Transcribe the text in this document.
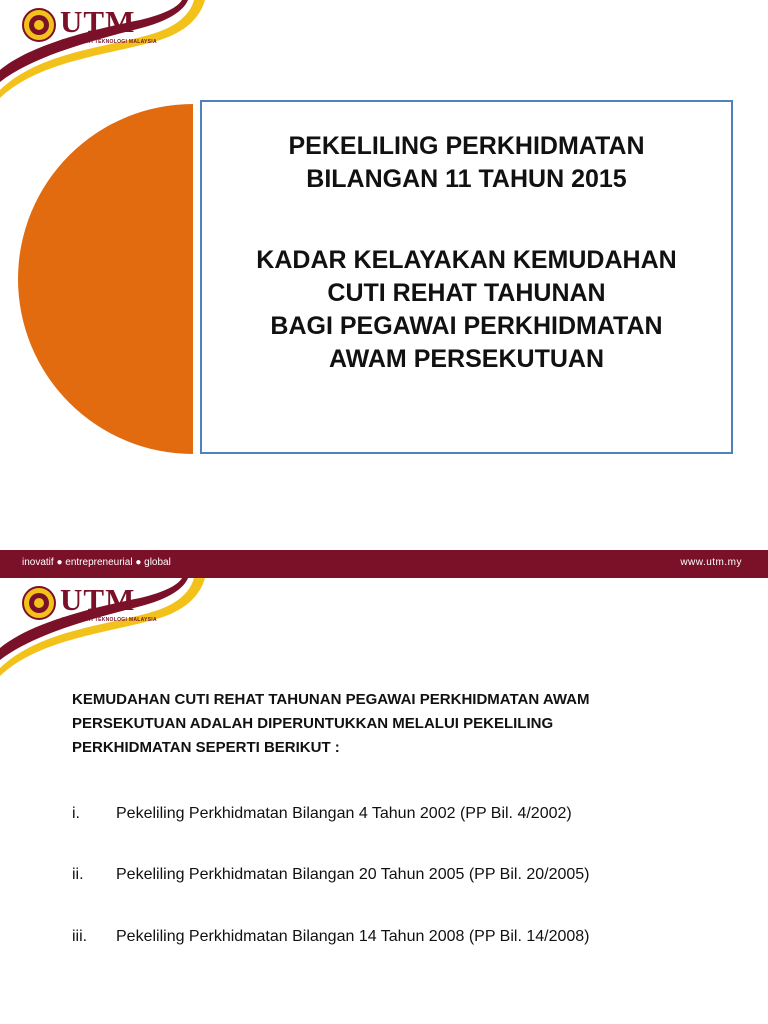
UTM
UNIVERSITI TEKNOLOGI MALAYSIA
PEKELILING PERKHIDMATAN
BILANGAN 11 TAHUN 2015
KADAR KELAYAKAN KEMUDAHAN
CUTI REHAT TAHUNAN
BAGI PEGAWAI PERKHIDMATAN
AWAM PERSEKUTUAN
inovatif ● entrepreneurial ● global	www.utm.my
UTM
UNIVERSITI TEKNOLOGI MALAYSIA
KEMUDAHAN CUTI REHAT TAHUNAN PEGAWAI PERKHIDMATAN AWAM
PERSEKUTUAN ADALAH DIPERUNTUKKAN MELALUI PEKELILING
PERKHIDMATAN SEPERTI BERIKUT :
i. Pekeliling Perkhidmatan Bilangan 4 Tahun 2002 (PP Bil. 4/2002)
ii. Pekeliling Perkhidmatan Bilangan 20 Tahun 2005 (PP Bil. 20/2005)
iii. Pekeliling Perkhidmatan Bilangan 14 Tahun 2008 (PP Bil. 14/2008)
